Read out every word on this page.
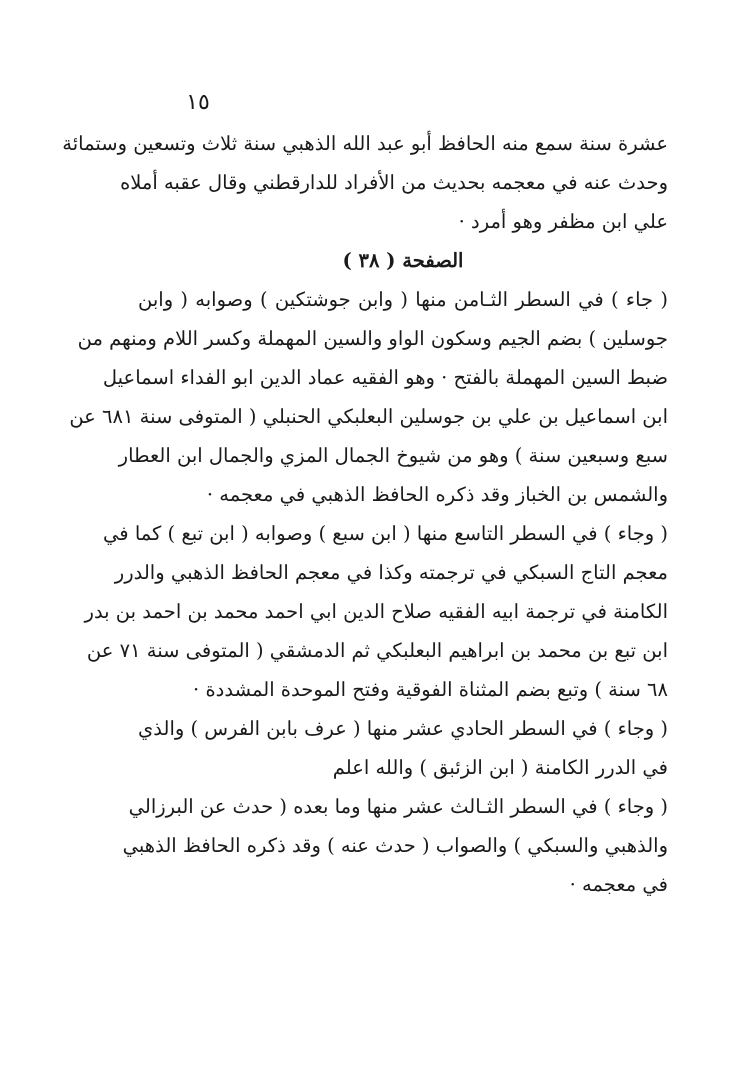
١٥
عشرة سنة سمع منه الحافظ أبو عبد الله الذهبي سنة ثلاث وتسعين وستمائة
وحدث عنه في معجمه بحديث من الأفراد للدارقطني وقال عقبه أملاه
علي ابن مظفر وهو أمرد ·
الصفحة ( ٣٨ )
( جاء ) في السطر الثـامن منها ( وابن جوشتكين ) وصوابه ( وابن
جوسلين ) بضم الجيم وسكون الواو والسين المهملة وكسر اللام ومنهم من
ضبط السين المهملة بالفتح · وهو الفقيه عماد الدين ابو الفداء اسماعيل
ابن اسماعيل بن علي بن جوسلين البعلبكي الحنبلي ( المتوفى سنة ٦٨١ عن
سبع وسبعين سنة ) وهو من شيوخ الجمال المزي والجمال ابن العطار
والشمس بن الخباز وقد ذكره الحافظ الذهبي في معجمه ·
( وجاء ) في السطر التاسع منها ( ابن سبع ) وصوابه ( ابن تبع ) كما في
معجم التاج السبكي في ترجمته وكذا في معجم الحافظ الذهبي والدرر
الكامنة في ترجمة ابيه الفقيه صلاح الدين ابي احمد محمد بن احمد بن بدر
ابن تبع بن محمد بن ابراهيم البعلبكي ثم الدمشقي ( المتوفى سنة ٧١ عن
٦٨ سنة ) وتبع بضم المثناة الفوقية وفتح الموحدة المشددة ·
( وجاء ) في السطر الحادي عشر منها ( عرف بابن الفرس ) والذي
في الدرر الكامنة ( ابن الزئبق ) والله اعلم
( وجاء ) في السطر الثـالث عشر منها وما بعده ( حدث عن البرزالي
والذهبي والسبكي ) والصواب ( حدث عنه ) وقد ذكره الحافظ الذهبي
في معجمه ·
